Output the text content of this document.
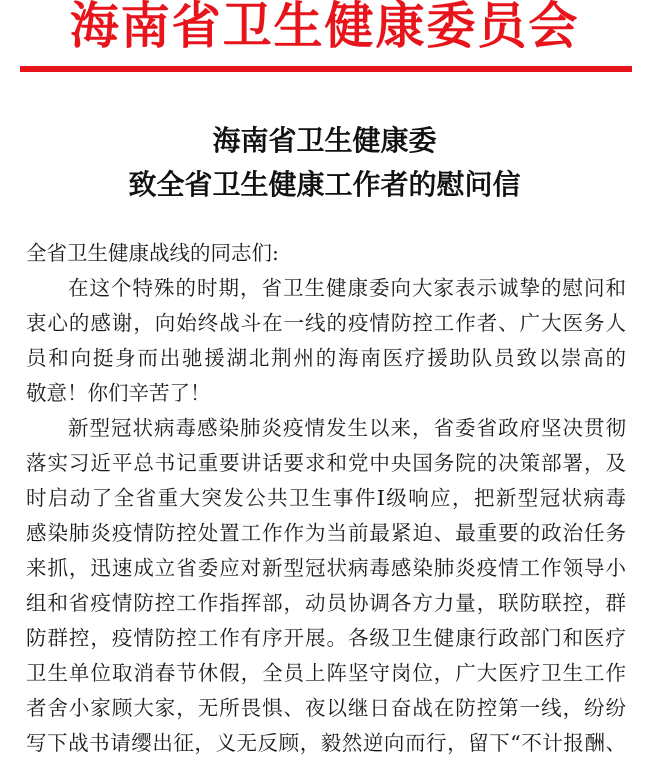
海南省卫生健康委员会
海南省卫生健康委
致全省卫生健康工作者的慰问信
全省卫生健康战线的同志们:
在这个特殊的时期，省卫生健康委向大家表示诚挚的慰问和
衷心的感谢，向始终战斗在一线的疫情防控工作者、广大医务人
员和向挺身而出驰援湖北荆州的海南医疗援助队员致以崇高的
敬意！你们辛苦了！
新型冠状病毒感染肺炎疫情发生以来，省委省政府坚决贯彻
落实习近平总书记重要讲话要求和党中央国务院的决策部署，及
时启动了全省重大突发公共卫生事件Ⅰ级响应，把新型冠状病毒
感染肺炎疫情防控处置工作作为当前最紧迫、最重要的政治任务
来抓，迅速成立省委应对新型冠状病毒感染肺炎疫情工作领导小
组和省疫情防控工作指挥部，动员协调各方力量，联防联控，群
防群控，疫情防控工作有序开展。各级卫生健康行政部门和医疗
卫生单位取消春节休假，全员上阵坚守岗位，广大医疗卫生工作
者舍小家顾大家，无所畏惧、夜以继日奋战在防控第一线，纷纷
写下战书请缨出征，义无反顾，毅然逆向而行，留下“不计报酬、
